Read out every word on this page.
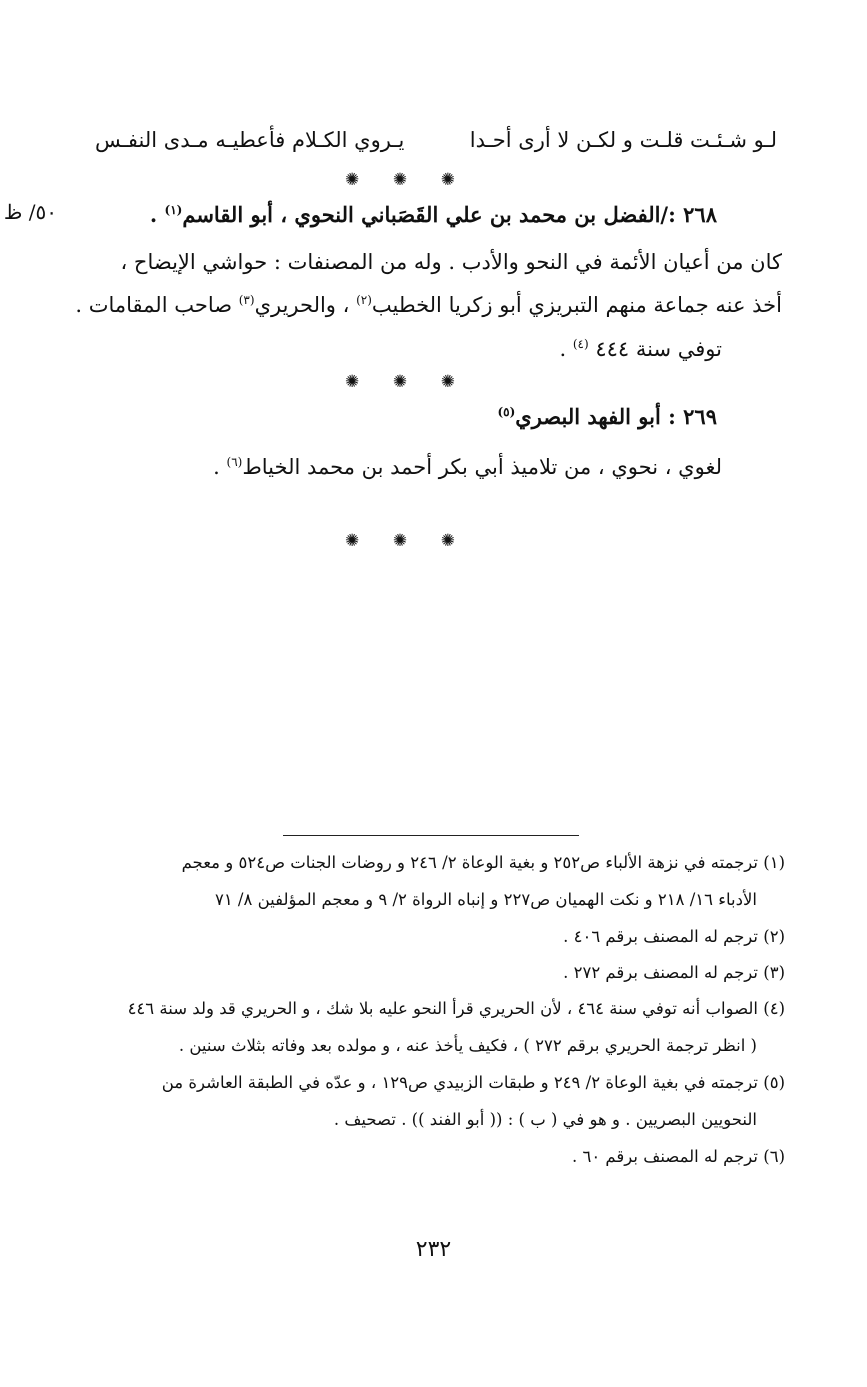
لـو شـئـت قلـت و لكـن لا أرى أحـدا
يـروي الكـلام فأعطيـه مـدى النفـس
✺ ✺ ✺
٥٠/ ظ	٢٦٨ :/الفضل بن محمد بن علي القَصَباني النحوي ، أبو القاسم$^{(١)}$ .
كان من أعيان الأئمة في النحو والأدب . وله من المصنفات : حواشي الإيضاح ،
أخذ عنه جماعة منهم التبريزي أبو زكريا الخطيب$^{(٢)}$ ، والحريري$^{(٣)}$ صاحب المقامات .
توفي سنة ٤٤٤ $^{(٤)}$ .
✺ ✺ ✺
٢٦٩ : أبو الفهد البصري$^{(٥)}$
لغوي ، نحوي ، من تلاميذ أبي بكر أحمد بن محمد الخياط$^{(٦)}$ .
✺ ✺ ✺
(١) ترجمته في نزهة الألباء ص٢٥٢ و بغية الوعاة ٢/ ٢٤٦ و روضات الجنات ص٥٢٤ و معجم
الأدباء ١٦/ ٢١٨ و نكت الهميان ص٢٢٧ و إنباه الرواة ٢/ ٩ و معجم المؤلفين ٨/ ٧١
(٢) ترجم له المصنف برقم ٤٠٦ .
(٣) ترجم له المصنف برقم ٢٧٢ .
(٤) الصواب أنه توفي سنة ٤٦٤ ، لأن الحريري قرأ النحو عليه بلا شك ، و الحريري قد ولد سنة ٤٤٦
( انظر ترجمة الحريري برقم ٢٧٢ ) ، فكيف يأخذ عنه ، و مولده بعد وفاته بثلاث سنين .
(٥) ترجمته في بغية الوعاة ٢/ ٢٤٩ و طبقات الزبيدي ص١٢٩ ، و عدّه في الطبقة العاشرة من
النحويين البصريين . و هو في ( ب ) : (( أبو الفند )) . تصحيف .
(٦) ترجم له المصنف برقم ٦٠ .
٢٣٢
